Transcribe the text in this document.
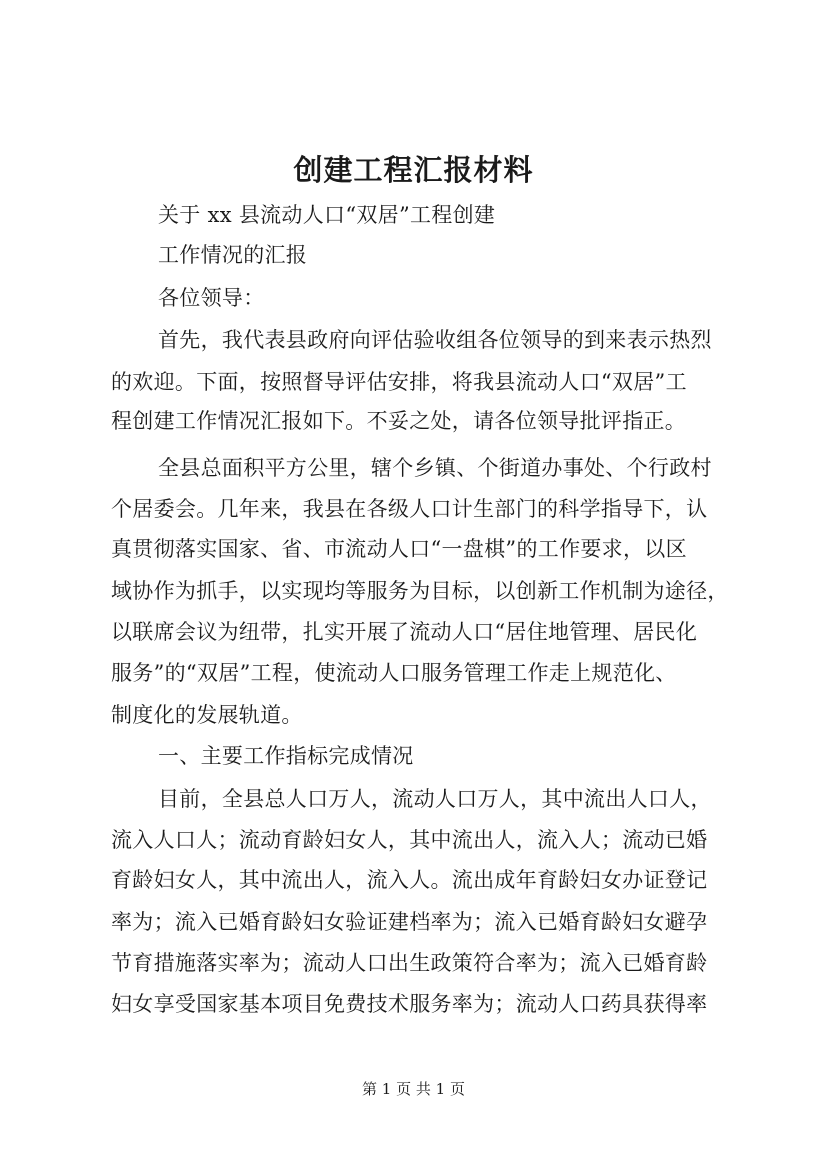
创建工程汇报材料
关于 xx 县流动人口“双居”工程创建
工作情况的汇报
各位领导：
首先，我代表县政府向评估验收组各位领导的到来表示热烈
的欢迎。下面，按照督导评估安排，将我县流动人口“双居”工
程创建工作情况汇报如下。不妥之处，请各位领导批评指正。
全县总面积平方公里，辖个乡镇、个街道办事处、个行政村
个居委会。几年来，我县在各级人口计生部门的科学指导下，认
真贯彻落实国家、省、市流动人口“一盘棋”的工作要求，以区
域协作为抓手，以实现均等服务为目标，以创新工作机制为途径，
以联席会议为纽带，扎实开展了流动人口“居住地管理、居民化
服务”的“双居”工程，使流动人口服务管理工作走上规范化、
制度化的发展轨道。
一、主要工作指标完成情况
目前，全县总人口万人，流动人口万人，其中流出人口人，
流入人口人；流动育龄妇女人，其中流出人，流入人；流动已婚
育龄妇女人，其中流出人，流入人。流出成年育龄妇女办证登记
率为；流入已婚育龄妇女验证建档率为；流入已婚育龄妇女避孕
节育措施落实率为；流动人口出生政策符合率为；流入已婚育龄
妇女享受国家基本项目免费技术服务率为；流动人口药具获得率
第 1 页 共 1 页
